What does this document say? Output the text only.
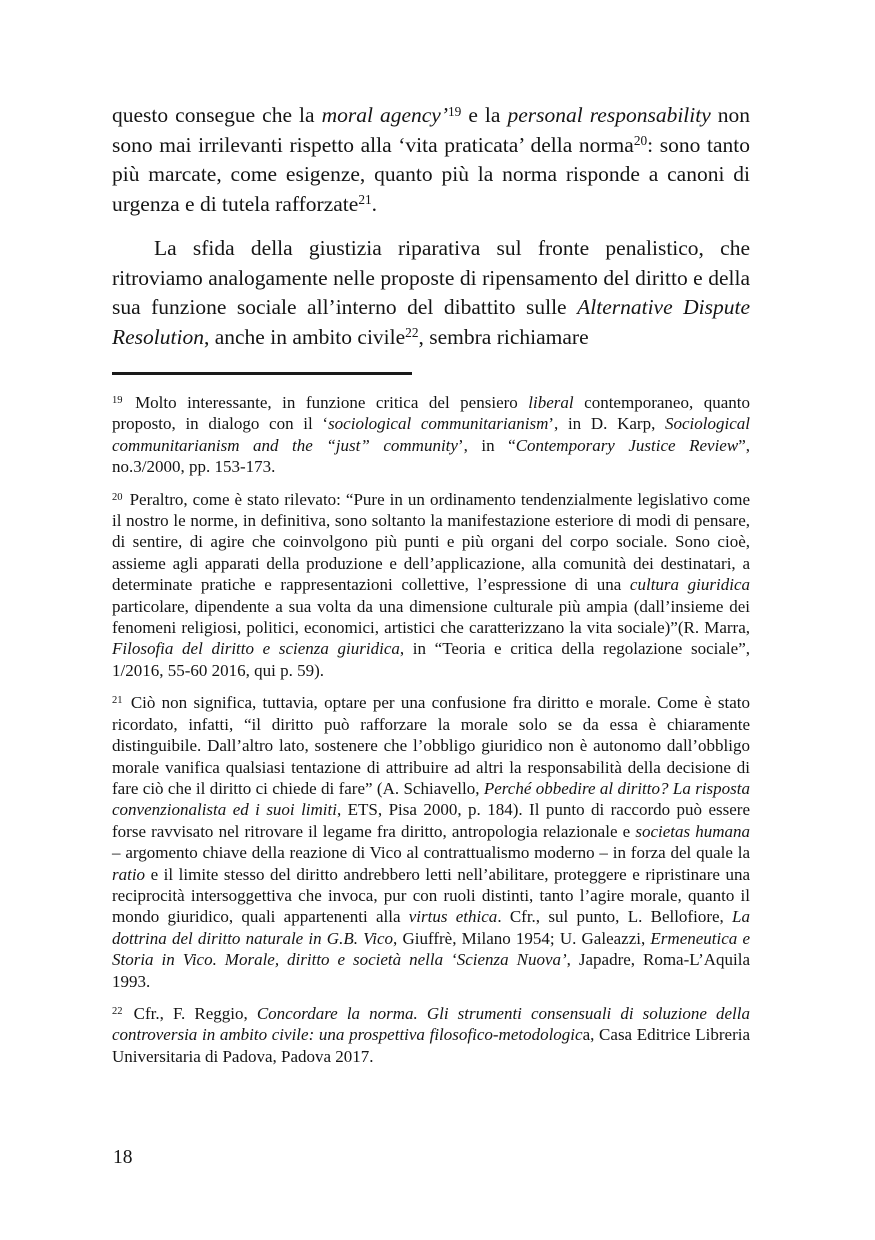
questo consegue che la moral agency’$^{19}$ e la personal responsability non sono mai irrilevanti rispetto alla ‘vita praticata’ della norma$^{20}$: sono tanto più marcate, come esigenze, quanto più la norma risponde a canoni di urgenza e di tutela rafforzate$^{21}$.

La sfida della giustizia riparativa sul fronte penalistico, che ritroviamo analogamente nelle proposte di ripensamento del diritto e della sua funzione sociale all’interno del dibattito sulle Alternative Dispute Resolution, anche in ambito civile$^{22}$, sembra richiamare

$^{19}$ Molto interessante, in funzione critica del pensiero liberal contemporaneo, quanto proposto, in dialogo con il ‘sociological communitarianism’, in D. Karp, Sociological communitarianism and the “just” community’, in “Contemporary Justice Review”, no.3/2000, pp. 153-173.

$^{20}$ Peraltro, come è stato rilevato: “Pure in un ordinamento tendenzialmente legislativo come il nostro le norme, in definitiva, sono soltanto la manifestazione esteriore di modi di pensare, di sentire, di agire che coinvolgono più punti e più organi del corpo sociale. Sono cioè, assieme agli apparati della produzione e dell’applicazione, alla comunità dei destinatari, a determinate pratiche e rappresentazioni collettive, l’espressione di una cultura giuridica particolare, dipendente a sua volta da una dimensione culturale più ampia (dall’insieme dei fenomeni religiosi, politici, economici, artistici che caratterizzano la vita sociale)”(R. Marra, Filosofia del diritto e scienza giuridica, in “Teoria e critica della regolazione sociale”, 1/2016, 55-60 2016, qui p. 59).

$^{21}$ Ciò non significa, tuttavia, optare per una confusione fra diritto e morale. Come è stato ricordato, infatti, “il diritto può rafforzare la morale solo se da essa è chiaramente distinguibile. Dall’altro lato, sostenere che l’obbligo giuridico non è autonomo dall’obbligo morale vanifica qualsiasi tentazione di attribuire ad altri la responsabilità della decisione di fare ciò che il diritto ci chiede di fare” (A. Schiavello, Perché obbedire al diritto? La risposta convenzionalista ed i suoi limiti, ETS, Pisa 2000, p. 184). Il punto di raccordo può essere forse ravvisato nel ritrovare il legame fra diritto, antropologia relazionale e societas humana – argomento chiave della reazione di Vico al contrattualismo moderno – in forza del quale la ratio e il limite stesso del diritto andrebbero letti nell’abilitare, proteggere e ripristinare una reciprocità intersoggettiva che invoca, pur con ruoli distinti, tanto l’agire morale, quanto il mondo giuridico, quali appartenenti alla virtus ethica. Cfr., sul punto, L. Bellofiore, La dottrina del diritto naturale in G.B. Vico, Giuffrè, Milano 1954; U. Galeazzi, Ermeneutica e Storia in Vico. Morale, diritto e società nella ‘Scienza Nuova’, Japadre, Roma-L’Aquila 1993.

$^{22}$ Cfr., F. Reggio, Concordare la norma. Gli strumenti consensuali di soluzione della controversia in ambito civile: una prospettiva filosofico-metodologica, Casa Editrice Libreria Universitaria di Padova, Padova 2017.

18
